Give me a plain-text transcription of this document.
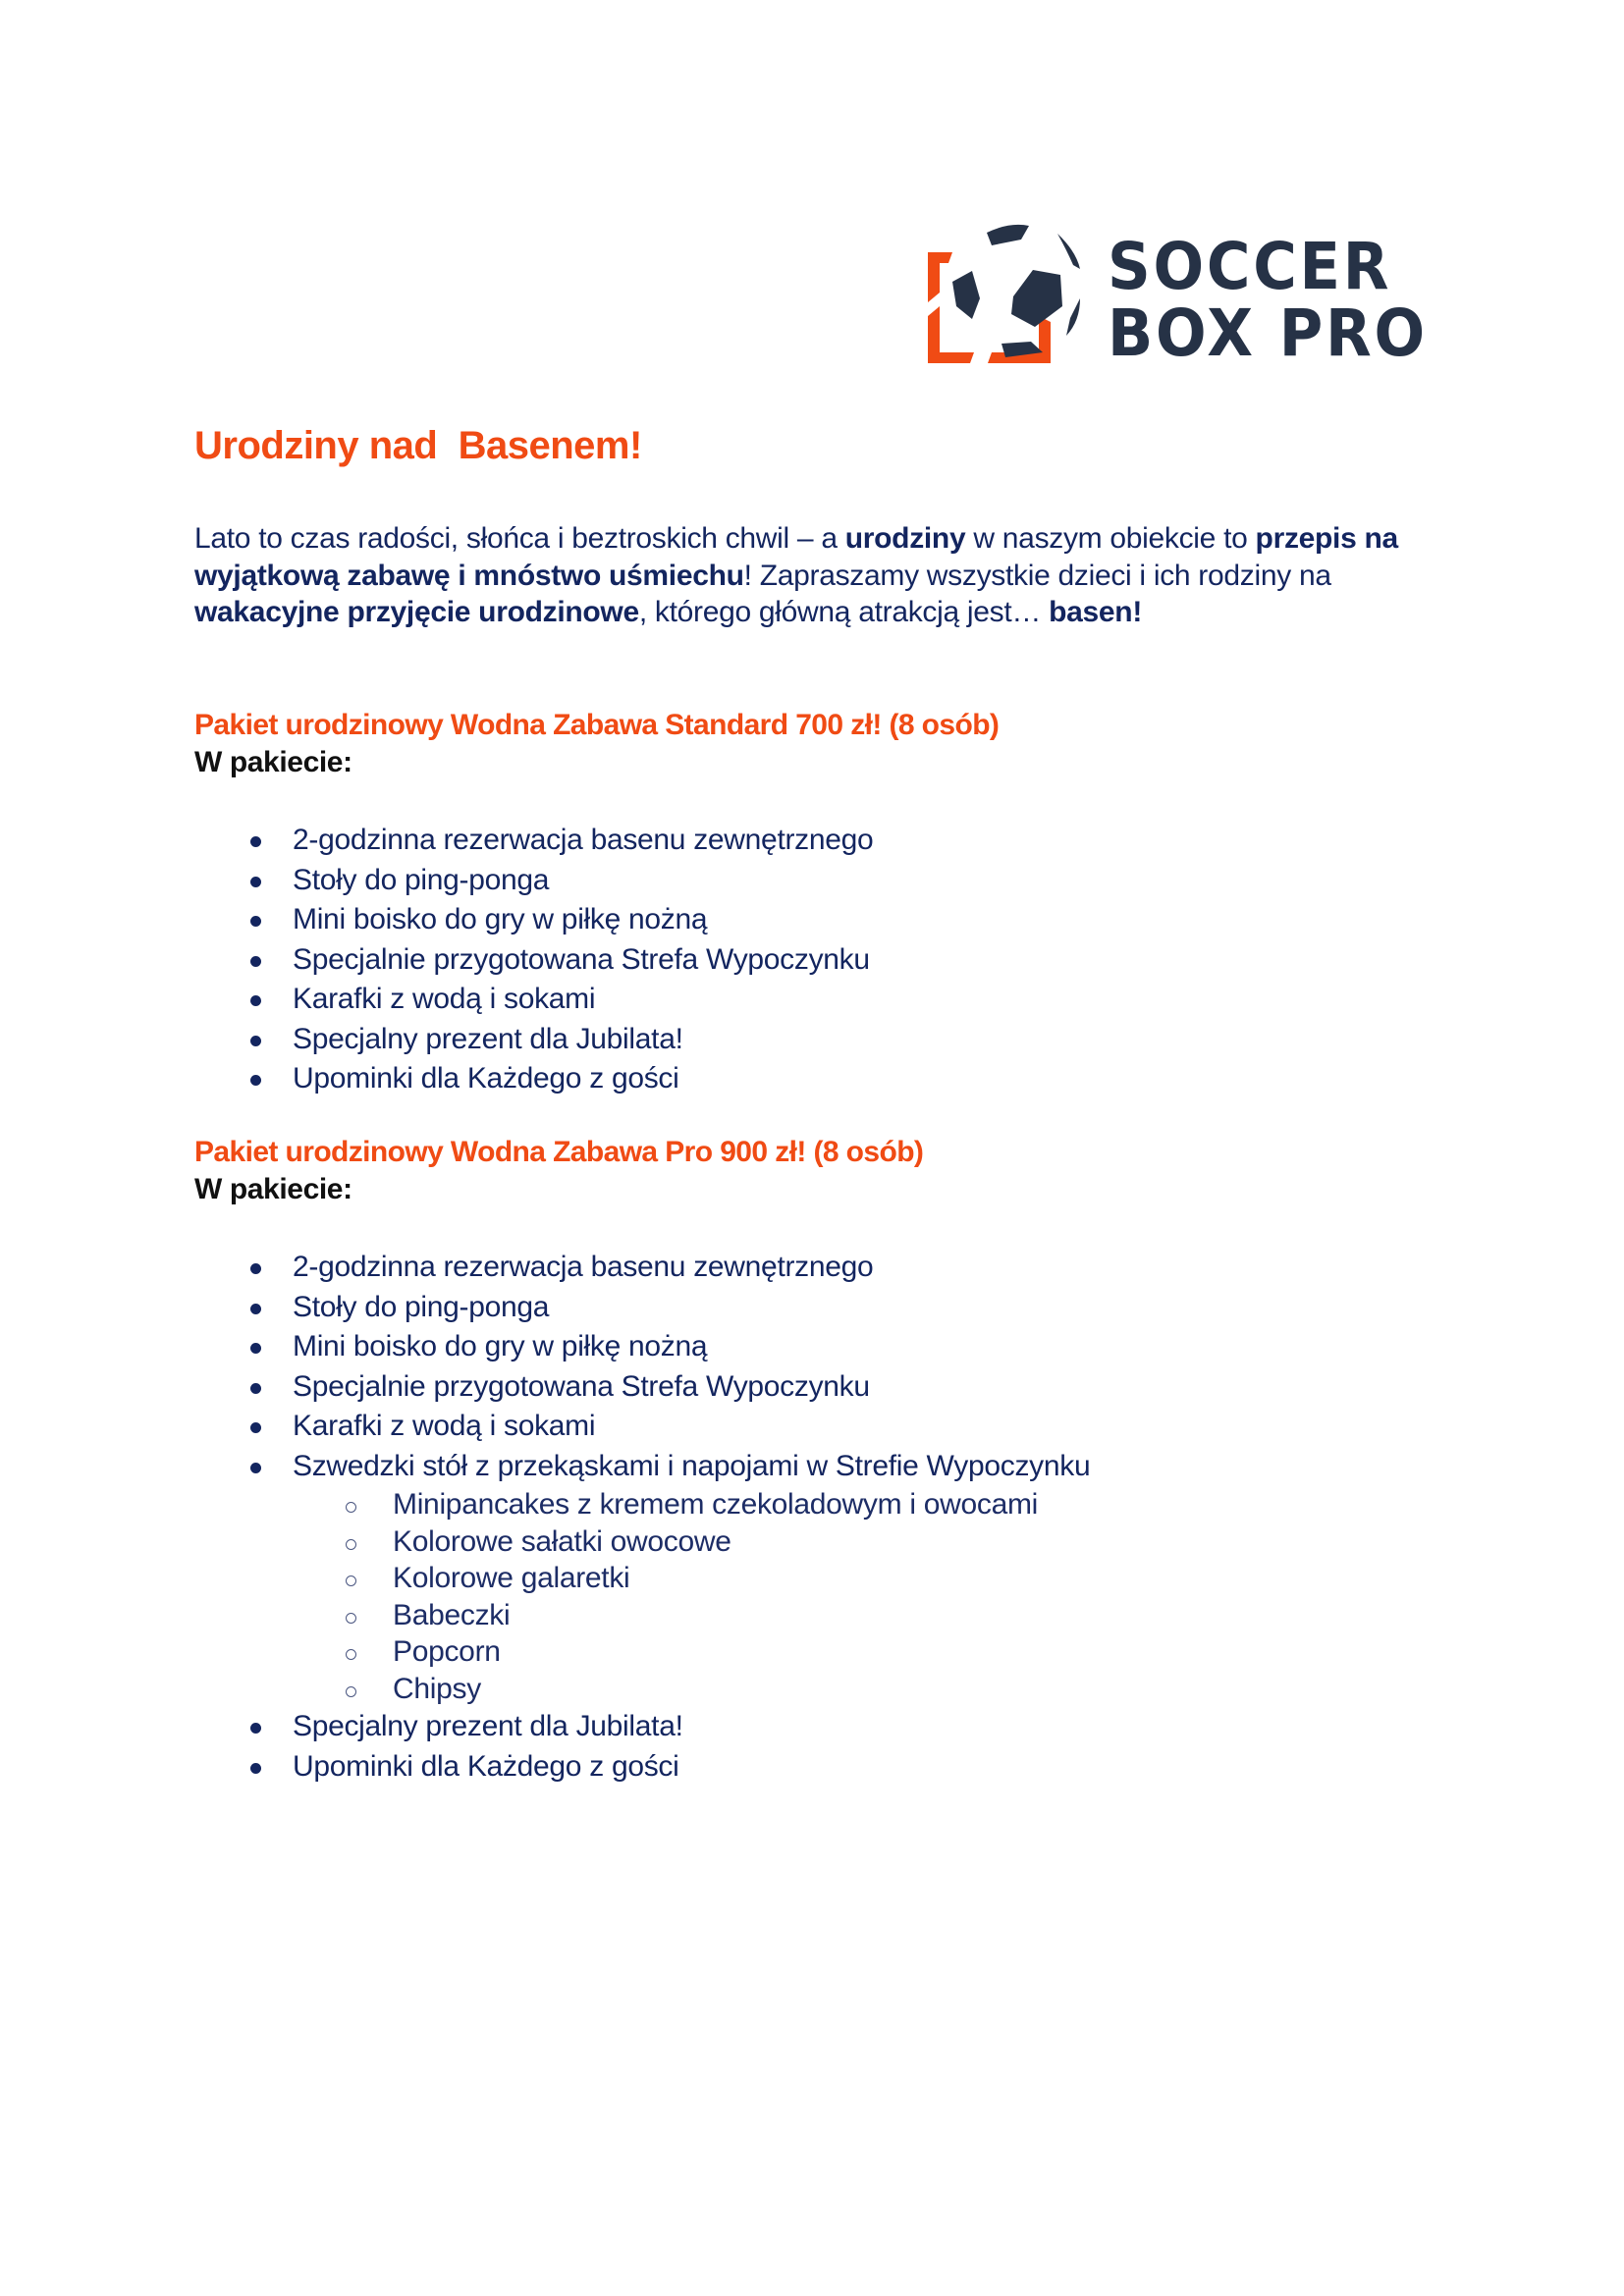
SOCCER
BOX PRO
Urodziny nad  Basenem!

Lato to czas radości, słońca i beztroskich chwil – a urodziny w naszym obiekcie to przepis na wyjątkową zabawę i mnóstwo uśmiechu! Zapraszamy wszystkie dzieci i ich rodziny na wakacyjne przyjęcie urodzinowe, którego główną atrakcją jest… basen!

Pakiet urodzinowy Wodna Zabawa Standard 700 zł! (8 osób)
W pakiecie:
2-godzinna rezerwacja basenu zewnętrznego
Stoły do ping-ponga
Mini boisko do gry w piłkę nożną
Specjalnie przygotowana Strefa Wypoczynku
Karafki z wodą i sokami
Specjalny prezent dla Jubilata!
Upominki dla Każdego z gości
Pakiet urodzinowy Wodna Zabawa Pro 900 zł! (8 osób)
W pakiecie:
2-godzinna rezerwacja basenu zewnętrznego
Stoły do ping-ponga
Mini boisko do gry w piłkę nożną
Specjalnie przygotowana Strefa Wypoczynku
Karafki z wodą i sokami
Szwedzki stół z przekąskami i napojami w Strefie Wypoczynku
Minipancakes z kremem czekoladowym i owocami
Kolorowe sałatki owocowe
Kolorowe galaretki
Babeczki
Popcorn
Chipsy
Specjalny prezent dla Jubilata!
Upominki dla Każdego z gości
